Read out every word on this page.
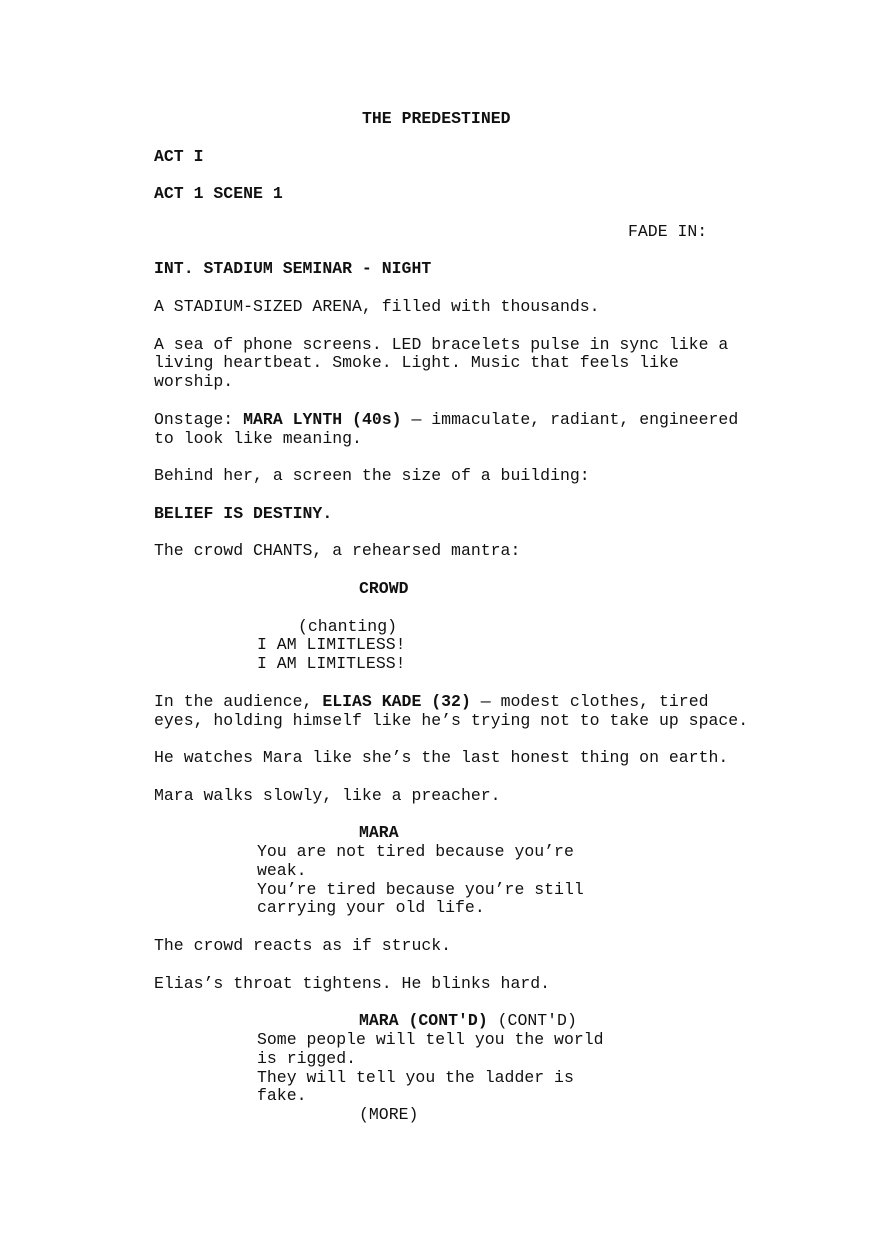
THE PREDESTINED
ACT I
ACT 1 SCENE 1
FADE IN:
INT. STADIUM SEMINAR - NIGHT
A STADIUM-SIZED ARENA, filled with thousands.
A sea of phone screens. LED bracelets pulse in sync like a living heartbeat. Smoke. Light. Music that feels like worship.
Onstage: MARA LYNTH (40s) — immaculate, radiant, engineered to look like meaning.
Behind her, a screen the size of a building:
BELIEF IS DESTINY.
The crowd CHANTS, a rehearsed mantra:
CROWD
(chanting)
I AM LIMITLESS!
I AM LIMITLESS!
In the audience, ELIAS KADE (32) — modest clothes, tired eyes, holding himself like he’s trying not to take up space.
He watches Mara like she’s the last honest thing on earth.
Mara walks slowly, like a preacher.
MARA
You are not tired because you’re weak.
You’re tired because you’re still carrying your old life.
The crowd reacts as if struck.
Elias’s throat tightens. He blinks hard.
MARA (CONT'D) (CONT'D)
Some people will tell you the world is rigged.
They will tell you the ladder is fake.
(MORE)
